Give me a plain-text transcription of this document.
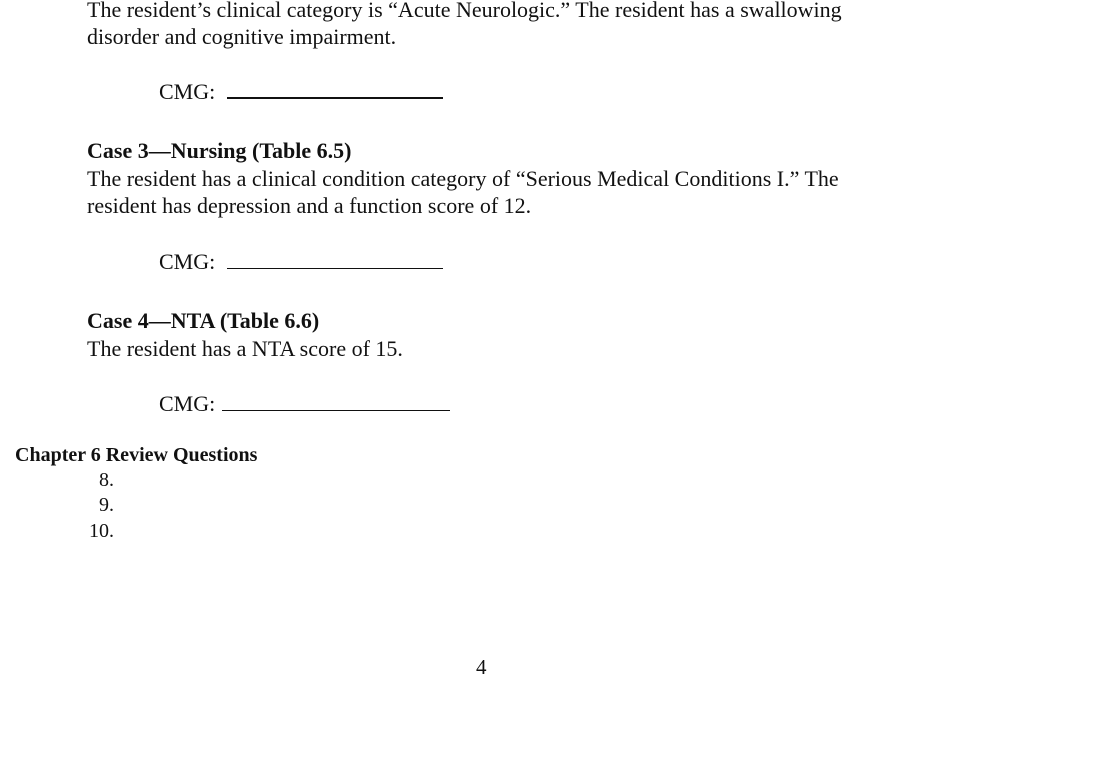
The resident’s clinical category is “Acute Neurologic.” The resident has a swallowing
disorder and cognitive impairment.
CMG:
Case 3—Nursing (Table 6.5)
The resident has a clinical condition category of “Serious Medical Conditions I.” The
resident has depression and a function score of 12.
CMG:
Case 4—NTA (Table 6.6)
The resident has a NTA score of 15.
CMG:
Chapter 6 Review Questions
8.
9.
10.
4
